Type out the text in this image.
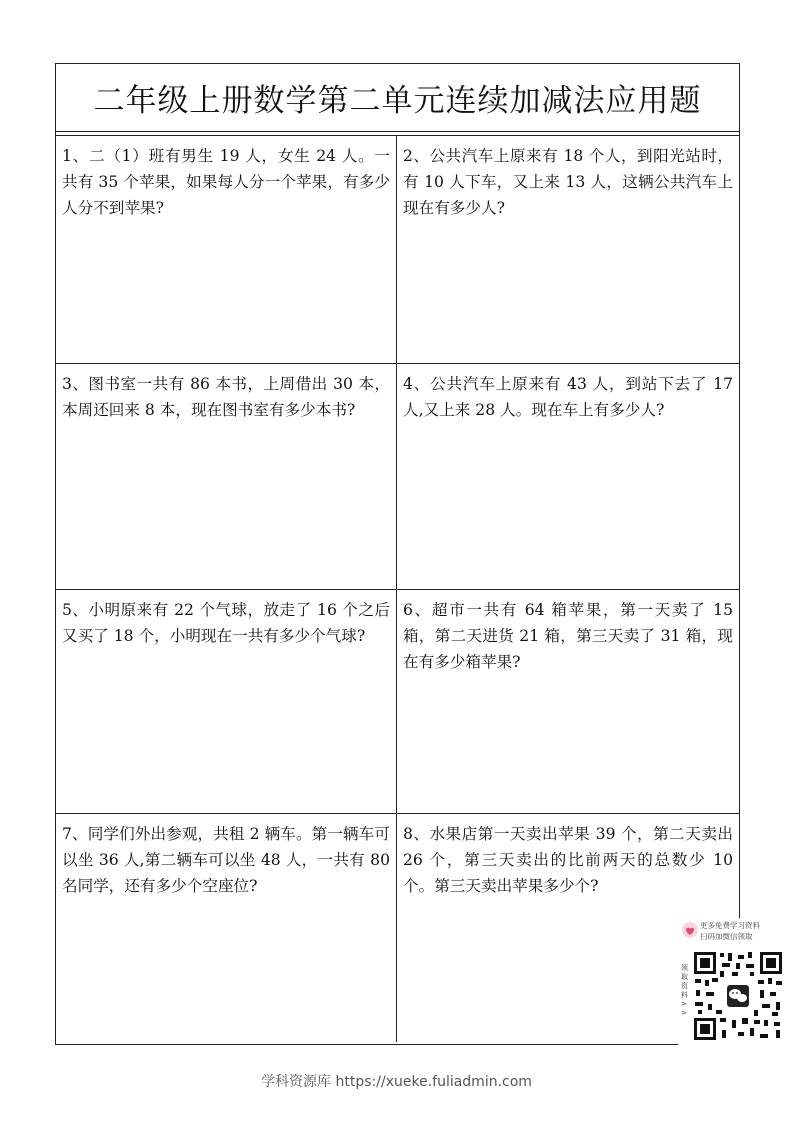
二年级上册数学第二单元连续加减法应用题
1、二（1）班有男生 19 人，女生 24 人。一共有 35 个苹果，如果每人分一个苹果，有多少人分不到苹果?
2、公共汽车上原来有 18 个人，到阳光站时，有 10 人下车，又上来 13 人，这辆公共汽车上现在有多少人?
3、图书室一共有 86 本书，上周借出 30 本，本周还回来 8 本，现在图书室有多少本书?
4、公共汽车上原来有 43 人，到站下去了 17 人,又上来 28 人。现在车上有多少人?
5、小明原来有 22 个气球，放走了 16 个之后又买了 18 个，小明现在一共有多少个气球?
6、超市一共有 64 箱苹果，第一天卖了 15 箱，第二天进货 21 箱，第三天卖了 31 箱，现在有多少箱苹果?
7、同学们外出参观，共租 2 辆车。第一辆车可以坐 36 人,第二辆车可以坐 48 人，一共有 80 名同学，还有多少个空座位?
8、水果店第一天卖出苹果 39 个，第二天卖出 26 个，第三天卖出的比前两天的总数少 10 个。第三天卖出苹果多少个?
更多免费学习资料
扫码加微信领取
领取资料>>
学科资源库 https://xueke.fuliadmin.com
